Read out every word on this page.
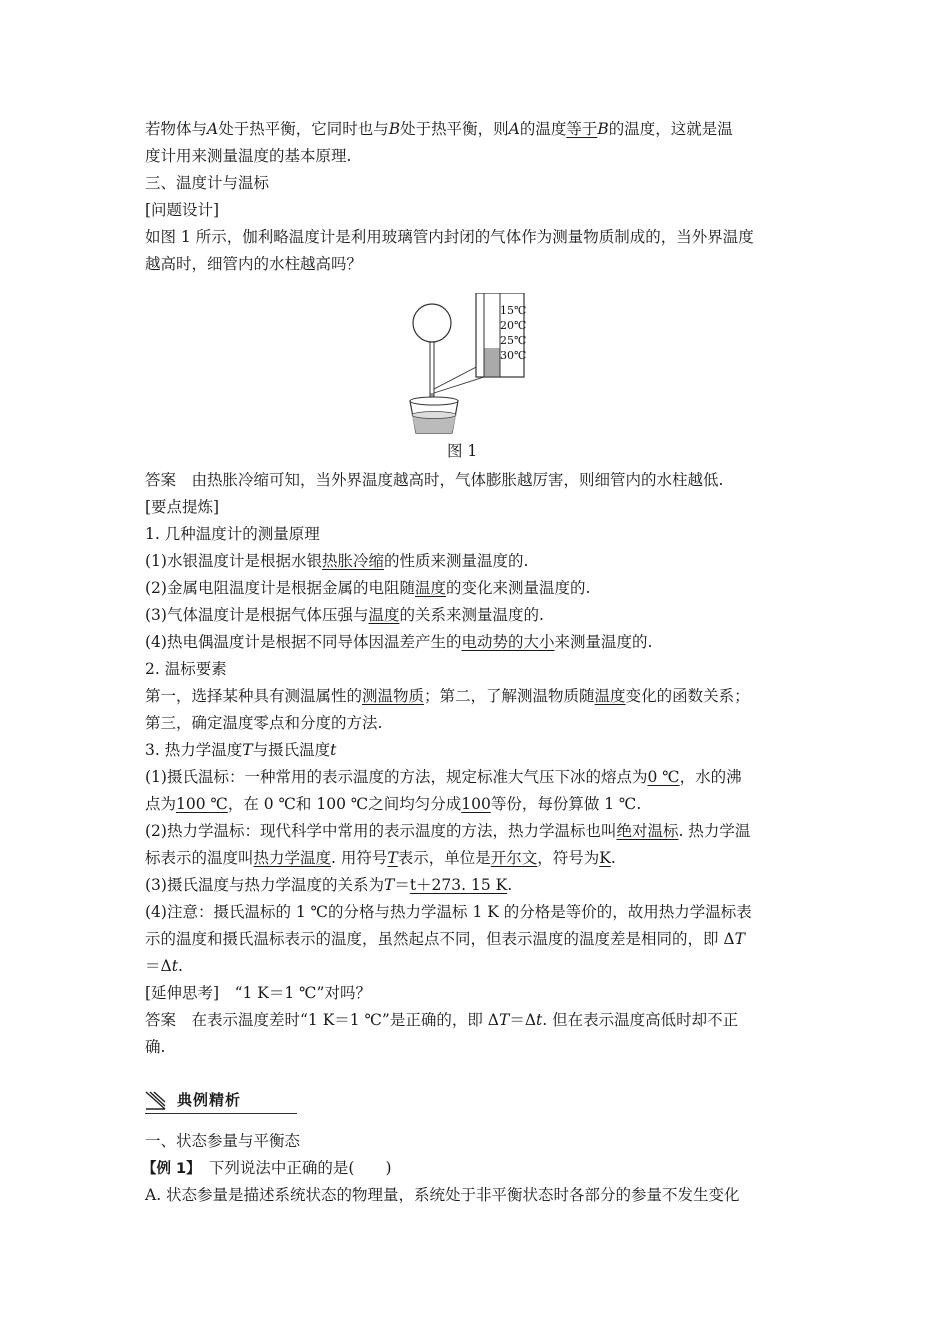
若物体与A处于热平衡，它同时也与B处于热平衡，则A的温度等于B的温度，这就是温
度计用来测量温度的基本原理.
三、温度计与温标
[问题设计]
如图 1 所示，伽利略温度计是利用玻璃管内封闭的气体作为测量物质制成的，当外界温度
越高时，细管内的水柱越高吗？
15℃
20℃
25℃
30℃
图 1
答案　由热胀冷缩可知，当外界温度越高时，气体膨胀越厉害，则细管内的水柱越低.
[要点提炼]
1. 几种温度计的测量原理
(1)水银温度计是根据水银热胀冷缩的性质来测量温度的.
(2)金属电阻温度计是根据金属的电阻随温度的变化来测量温度的.
(3)气体温度计是根据气体压强与温度的关系来测量温度的.
(4)热电偶温度计是根据不同导体因温差产生的电动势的大小来测量温度的.
2. 温标要素
第一，选择某种具有测温属性的测温物质；第二，了解测温物质随温度变化的函数关系；
第三，确定温度零点和分度的方法.
3. 热力学温度T与摄氏温度t
(1)摄氏温标：一种常用的表示温度的方法，规定标准大气压下冰的熔点为0 ℃，水的沸
点为100 ℃，在 0 ℃和 100 ℃之间均匀分成100等份，每份算做 1 ℃.
(2)热力学温标：现代科学中常用的表示温度的方法，热力学温标也叫绝对温标. 热力学温
标表示的温度叫热力学温度. 用符号T表示，单位是开尔文，符号为K.
(3)摄氏温度与热力学温度的关系为T＝t＋273. 15 K.
(4)注意：摄氏温标的 1 ℃的分格与热力学温标 1 K 的分格是等价的，故用热力学温标表
示的温度和摄氏温标表示的温度，虽然起点不同，但表示温度的温度差是相同的，即 ΔT
＝Δt.
[延伸思考]　“1 K＝1 ℃”对吗？
答案　在表示温度差时“1 K＝1 ℃”是正确的，即 ΔT＝Δt. 但在表示温度高低时却不正
确.
典例精析
一、状态参量与平衡态
【例 1】　下列说法中正确的是(　　)
A. 状态参量是描述系统状态的物理量，系统处于非平衡状态时各部分的参量不发生变化
